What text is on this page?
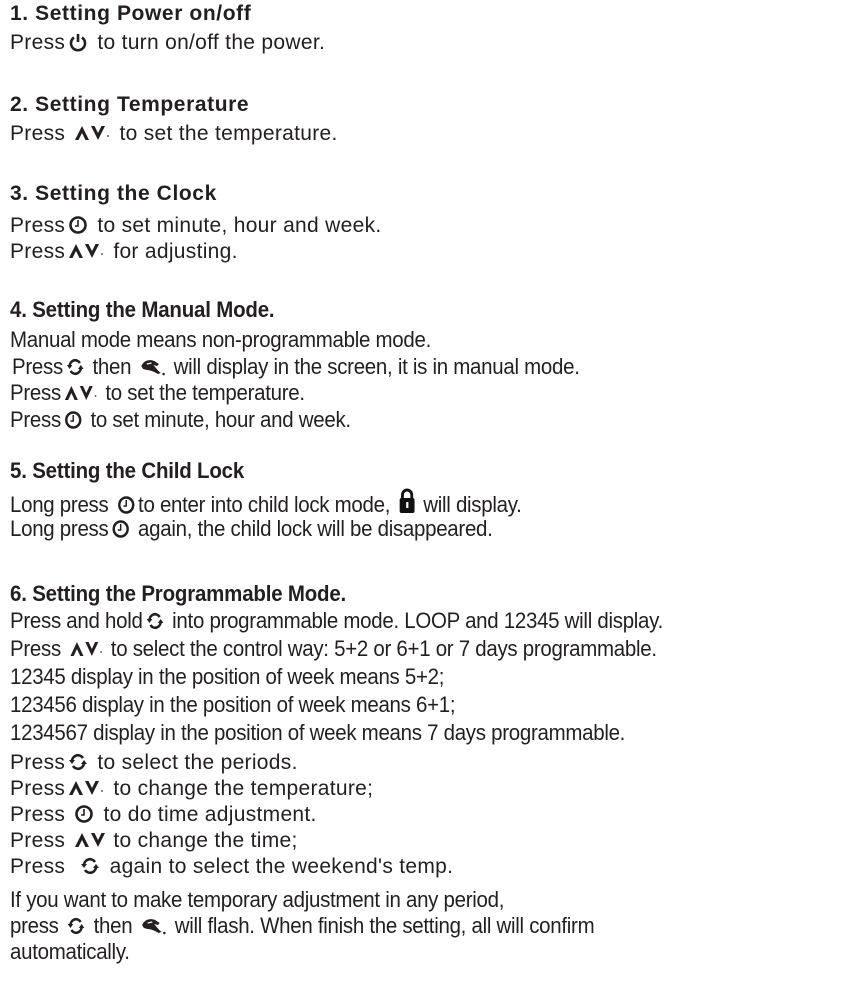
1. Setting Power on/off
Press
to turn on/off the power.
2. Setting Temperature
Press
to set the temperature.
3. Setting the Clock
Press
to set minute, hour and week.
Press
for adjusting.
4. Setting the Manual Mode.
Manual mode means non-programmable mode.
Press
then
will display in the screen, it is in manual mode.
Press
to set the temperature.
Press
to set minute, hour and week.
5. Setting the Child Lock
Long press
to enter into child lock mode,
will display.
Long press
again, the child lock will be disappeared.
6. Setting the Programmable Mode.
Press and hold
into programmable mode. LOOP and 12345 will display.
Press
to select the control way: 5+2 or 6+1 or 7 days programmable.
12345 display in the position of week means 5+2;
123456 display in the position of week means 6+1;
1234567 display in the position of week means 7 days programmable.
Press
to select the periods.
Press
to change the temperature;
Press
to do time adjustment.
Press
to change the time;
Press
again to select the weekend's temp.
If you want to make temporary adjustment in any period,
press
then
will flash. When finish the setting, all will confirm
automatically.
